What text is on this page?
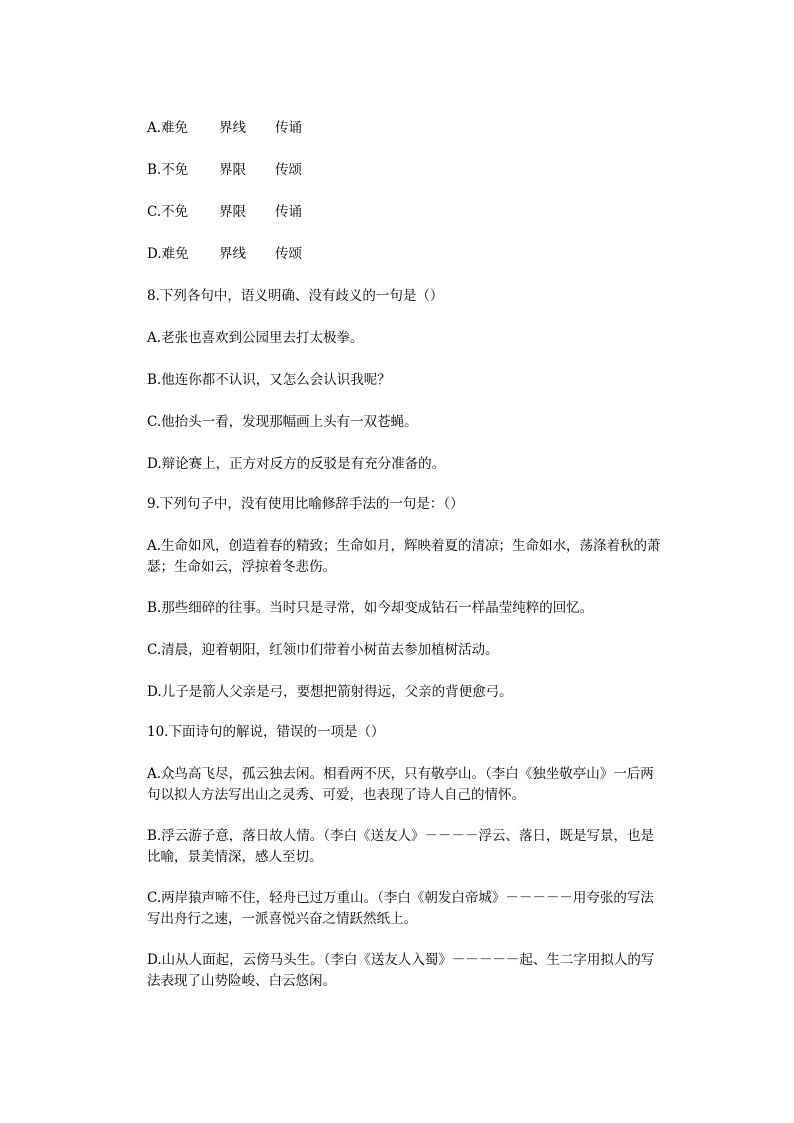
A.难免 界线 传诵
B.不免 界限 传颂
C.不免 界限 传诵
D.难免 界线 传颂
8.下列各句中，语义明确、没有歧义的一句是（）
A.老张也喜欢到公园里去打太极拳。
B.他连你都不认识，又怎么会认识我呢？
C.他抬头一看，发现那幅画上头有一双苍蝇。
D.辩论赛上，正方对反方的反驳是有充分准备的。
9.下列句子中，没有使用比喻修辞手法的一句是：（）
A.生命如风，创造着春的精致；生命如月，辉映着夏的清凉；生命如水，荡涤着秋的萧瑟；生命如云，浮掠着冬悲伤。
B.那些细碎的往事。当时只是寻常，如今却变成钻石一样晶莹纯粹的回忆。
C.清晨，迎着朝阳，红领巾们带着小树苗去参加植树活动。
D.儿子是箭人父亲是弓，要想把箭射得远，父亲的背便愈弓。
10.下面诗句的解说，错误的一项是（）
A.众鸟高飞尽，孤云独去闲。相看两不厌，只有敬亭山。（李白《独坐敬亭山》一后两句以拟人方法写出山之灵秀、可爱，也表现了诗人自己的情怀。
B.浮云游子意，落日故人情。（李白《送友人》－－－－浮云、落日，既是写景，也是比喻，景美情深，感人至切。
C.两岸猿声啼不住，轻舟已过万重山。（李白《朝发白帝城》－－－－－用夸张的写法写出舟行之速，一派喜悦兴奋之情跃然纸上。
D.山从人面起，云傍马头生。（李白《送友人入蜀》－－－－－起、生二字用拟人的写法表现了山势险峻、白云悠闲。
